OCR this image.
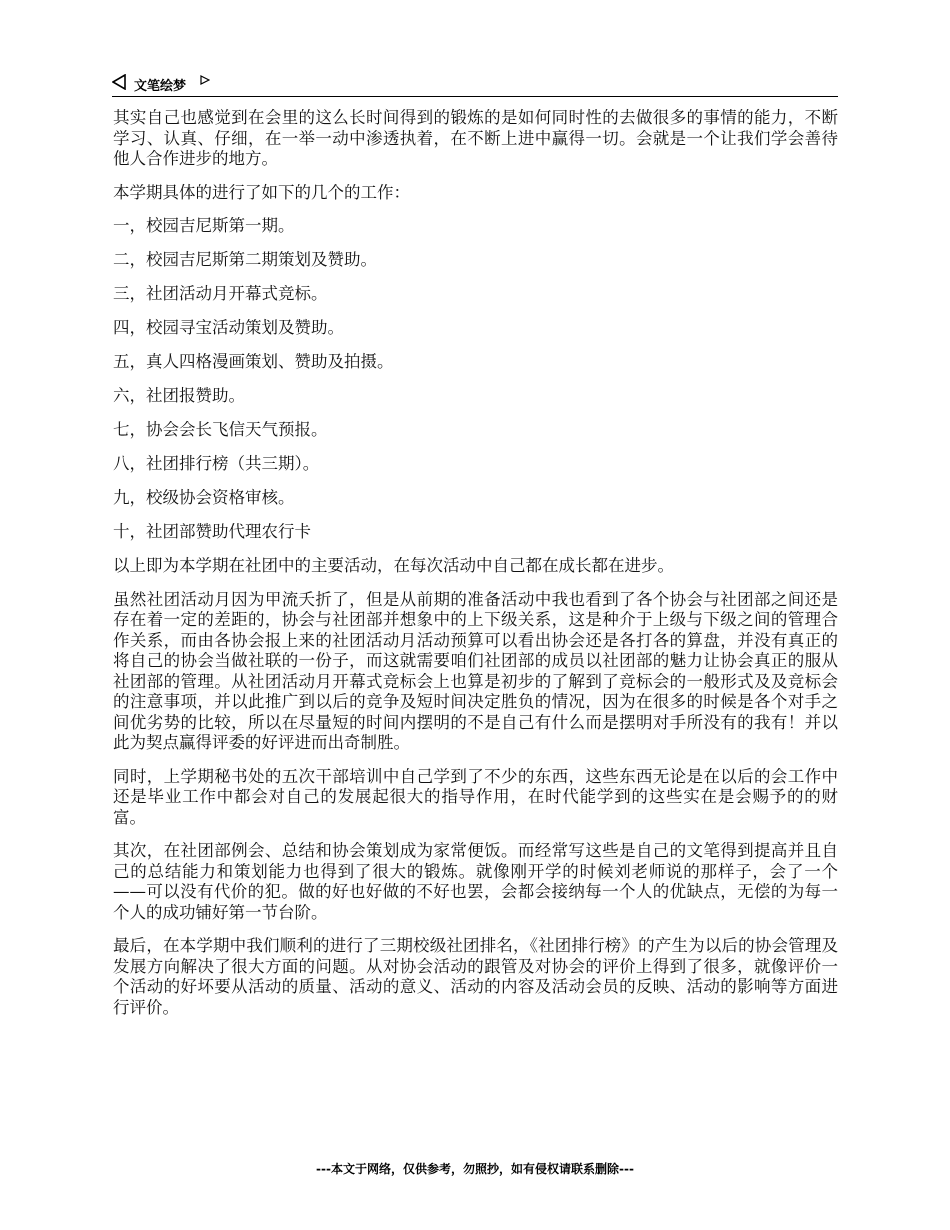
文笔绘梦

其实自己也感觉到在会里的这么长时间得到的锻炼的是如何同时性的去做很多的事情的能力，不断学习、认真、仔细，在一举一动中渗透执着，在不断上进中赢得一切。会就是一个让我们学会善待他人合作进步的地方。

本学期具体的进行了如下的几个的工作：

一，校园吉尼斯第一期。

二，校园吉尼斯第二期策划及赞助。

三，社团活动月开幕式竞标。

四，校园寻宝活动策划及赞助。

五，真人四格漫画策划、赞助及拍摄。

六，社团报赞助。

七，协会会长飞信天气预报。

八，社团排行榜（共三期）。

九，校级协会资格审核。

十，社团部赞助代理农行卡

以上即为本学期在社团中的主要活动，在每次活动中自己都在成长都在进步。

虽然社团活动月因为甲流夭折了，但是从前期的准备活动中我也看到了各个协会与社团部之间还是存在着一定的差距的，协会与社团部并想象中的上下级关系，这是种介于上级与下级之间的管理合作关系，而由各协会报上来的社团活动月活动预算可以看出协会还是各打各的算盘，并没有真正的将自己的协会当做社联的一份子，而这就需要咱们社团部的成员以社团部的魅力让协会真正的服从社团部的管理。从社团活动月开幕式竞标会上也算是初步的了解到了竞标会的一般形式及及竞标会的注意事项，并以此推广到以后的竞争及短时间决定胜负的情况，因为在很多的时候是各个对手之间优劣势的比较，所以在尽量短的时间内摆明的不是自己有什么而是摆明对手所没有的我有！并以此为契点赢得评委的好评进而出奇制胜。

同时，上学期秘书处的五次干部培训中自己学到了不少的东西，这些东西无论是在以后的会工作中还是毕业工作中都会对自己的发展起很大的指导作用，在时代能学到的这些实在是会赐予的的财富。

其次，在社团部例会、总结和协会策划成为家常便饭。而经常写这些是自己的文笔得到提高并且自己的总结能力和策划能力也得到了很大的锻炼。就像刚开学的时候刘老师说的那样子，会了一个——可以没有代价的犯。做的好也好做的不好也罢，会都会接纳每一个人的优缺点，无偿的为每一个人的成功铺好第一节台阶。

最后，在本学期中我们顺利的进行了三期校级社团排名，《社团排行榜》的产生为以后的协会管理及发展方向解决了很大方面的问题。从对协会活动的跟管及对协会的评价上得到了很多，就像评价一个活动的好坏要从活动的质量、活动的意义、活动的内容及活动会员的反映、活动的影响等方面进行评价。

---本文于网络，仅供参考，勿照抄，如有侵权请联系删除---
